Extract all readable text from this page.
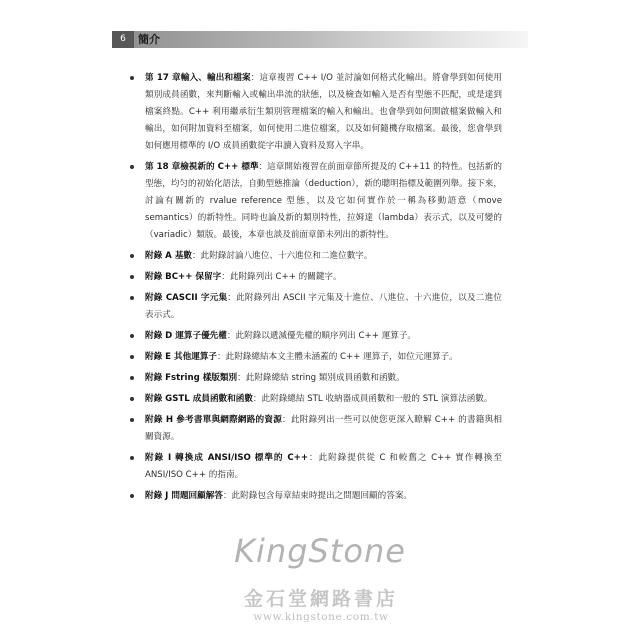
6	簡介
第 17 章輸入、輸出和檔案：這章複習 C++ I/O 並討論如何格式化輸出。將會學到如何使用類別成員函數，來判斷輸入或輸出串流的狀態，以及檢查如輸入是否有型態不匹配，或是達到檔案終點。C++ 利用繼承衍生類別管理檔案的輸入和輸出。也會學到如何開啟檔案做輸入和輸出，如何附加資料至檔案，如何使用二進位檔案，以及如何隨機存取檔案。最後，您會學到如何應用標準的 I/O 成員函數從字串讀入資料及寫入字串。
第 18 章檢視新的 C++ 標準：這章開始複習在前面章節所提及的 C++11 的特性。包括新的型態，均匀的初始化語法，自動型態推論（deduction），新的聰明指標及範圍列舉。接下來，討論有關新的 rvalue reference 型態，以及它如何實作於一稱為移動語意（move semantics）的新特性。同時也論及新的類別特性，拉姆達（lambda）表示式，以及可變的（variadic）類版。最後，本章也談及前面章節未列出的新特性。
附錄 A 基數：此附錄討論八進位、十六進位和二進位數字。
附錄 BC++ 保留字：此附錄列出 C++ 的關鍵字。
附錄 CASCII 字元集：此附錄列出 ASCII 字元集及十進位、八進位、十六進位，以及二進位表示式。
附錄 D 運算子優先權：此附錄以遞減優先權的順序列出 C++ 運算子。
附錄 E 其他運算子：此附錄總結本文主體未涵蓋的 C++ 運算子，如位元運算子。
附錄 Fstring 樣版類別：此附錄總結 string 類別成員函數和函數。
附錄 GSTL 成員函數和函數：此附錄總結 STL 收納器成員函數和一般的 STL 演算法函數。
附錄 H 參考書單與網際網路的資源：此附錄列出一些可以使您更深入瞭解 C++ 的書籍與相關資源。
附錄 I 轉換成 ANSI/ISO 標準的 C++：此附錄提供從 C 和較舊之 C++ 實作轉換至 ANSI/ISO C++ 的指南。
附錄 J 問題回顧解答：此附錄包含每章結束時提出之問題回顧的答案。
KingStone
金石堂網路書店
www.kingstone.com.tw
